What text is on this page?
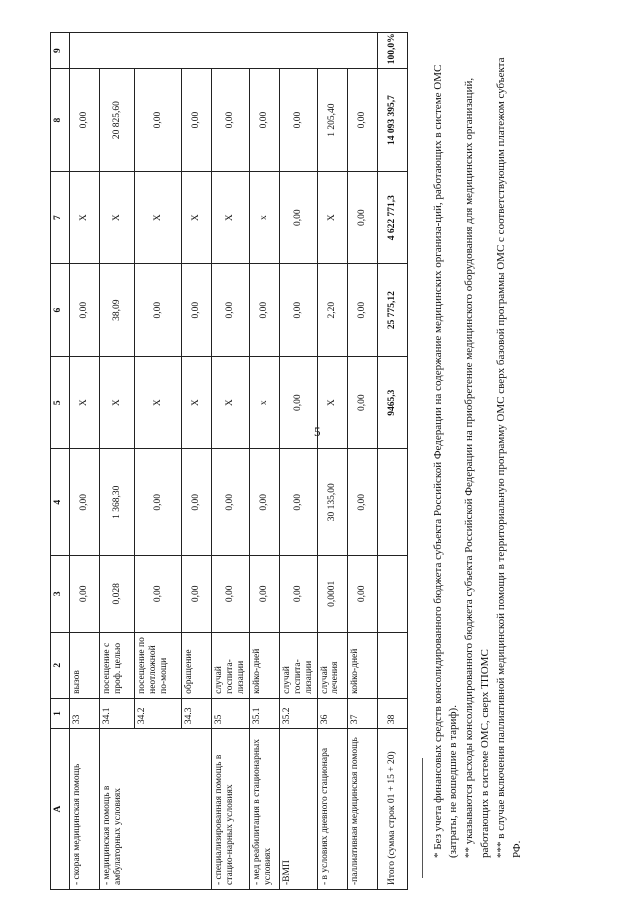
5
A	1	2	3	4	5	6	7	8	9
- скорая медицинская помощь	33	вызов	0,00	0,00	X	0,00	X	0,00	
- медицинская помощь в амбулаторных условиях	34.1	посещение с проф. целью	0,028	1 368,30	X	38,09	X	20 825,60	
	34.2	посещение по неотложной по-мощи	0,00	0,00	X	0,00	X	0,00	
	34.3	обращение	0,00	0,00	X	0,00	X	0,00	
- специализированная помощь в стацио-нарных условиях	35	случай госпита-лизации	0,00	0,00	X	0,00	X	0,00	
- мед реабилитация в стационарных условиях	35.1	койко-дней	0,00	0,00	x	0,00	x	0,00	
-ВМП	35.2	случай госпита-лизации	0,00	0,00	0,00	0,00	0,00	0,00	
- в условиях дневного стационара	36	случай лечения	0,0001	30 135,00	X	2,20	X	1 205,40	
-паллиативная медицинская помощь	37	койко-дней	0,00	0,00	0,00	0,00	0,00	0,00	
Итого (сумма строк 01 + 15 + 20)	38				9465,3	25 775,12	4 622 771,3	14 093 395,7	100,0%

* Без учета финансовых средств консолидированного бюджета субъекта Российской Федерации на содержание медицинских организа-ций, работающих в системе ОМС (затраты, не вошедшие в тариф). ** указываются расходы консолидированного бюджета субъекта Российской Федерации на приобретение медицинского оборудования для медицинских организаций, работающих в системе ОМС, сверх ТПОМС *** в случае включения паллиативной медицинской помощи в территориальную программу ОМС сверх базовой программы ОМС с соответствующим платежом субъекта РФ.
